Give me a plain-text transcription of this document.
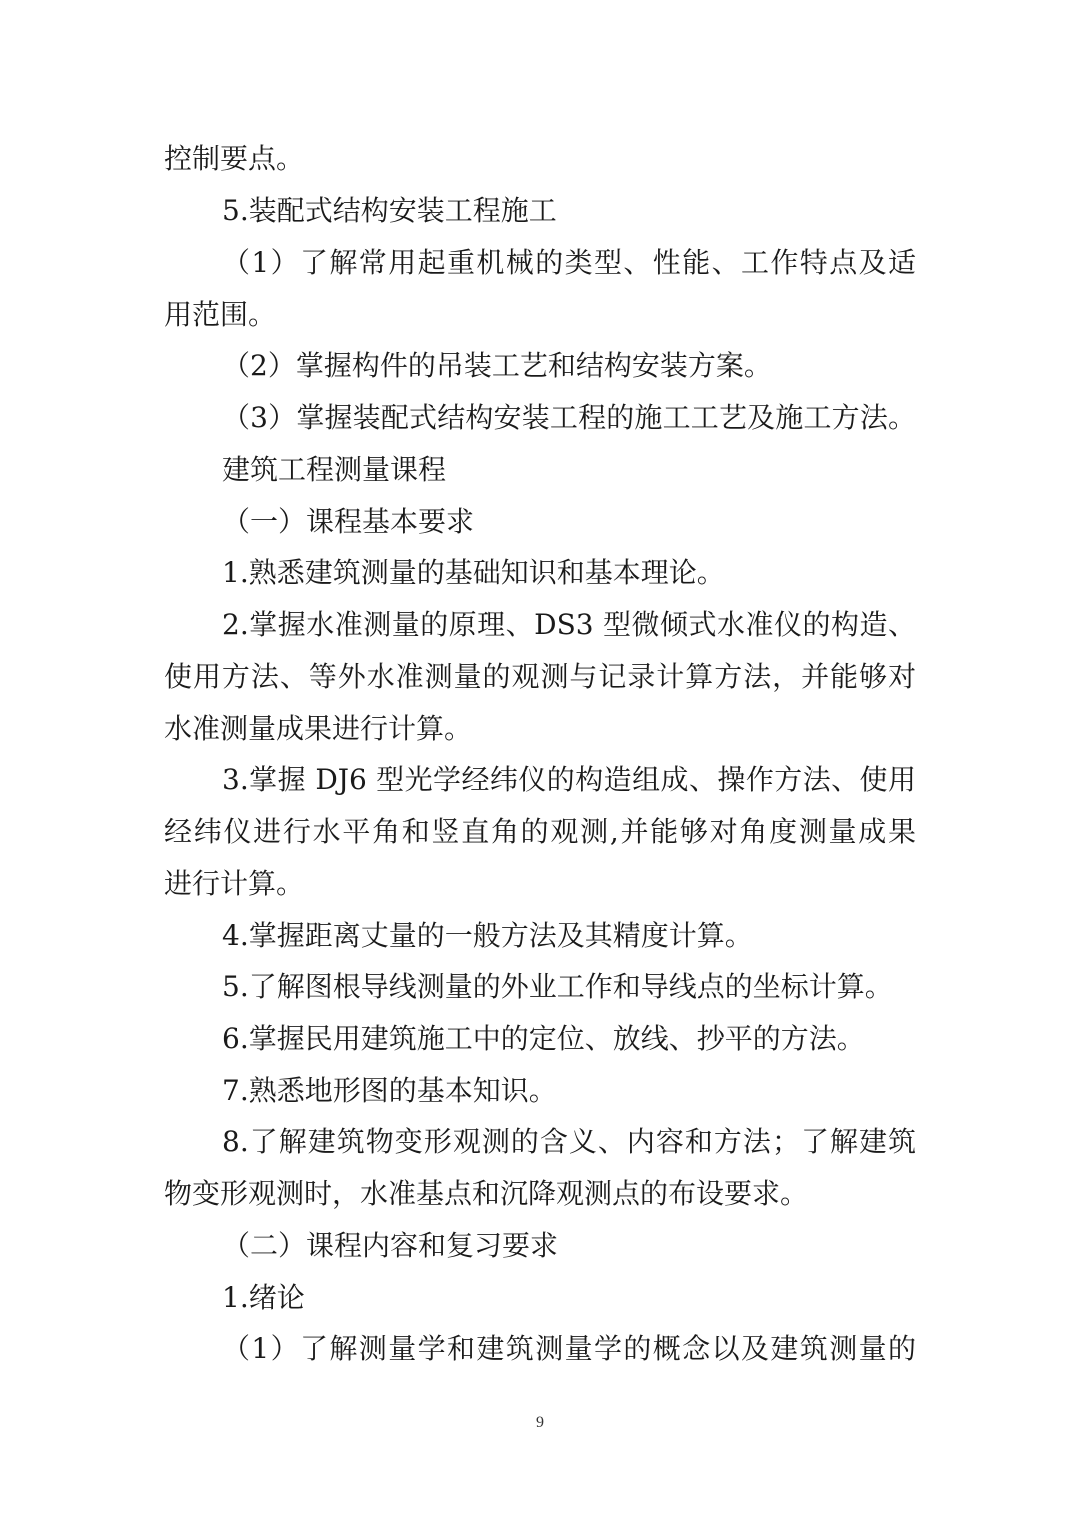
控制要点。
5.装配式结构安装工程施工
（1）了解常用起重机械的类型、性能、工作特点及适
用范围。
（2）掌握构件的吊装工艺和结构安装方案。
（3）掌握装配式结构安装工程的施工工艺及施工方法。
建筑工程测量课程
（一）课程基本要求
1.熟悉建筑测量的基础知识和基本理论。
2.掌握水准测量的原理、DS3 型微倾式水准仪的构造、
使用方法、等外水准测量的观测与记录计算方法，并能够对
水准测量成果进行计算。
3.掌握 DJ6 型光学经纬仪的构造组成、操作方法、使用
经纬仪进行水平角和竖直角的观测,并能够对角度测量成果
进行计算。
4.掌握距离丈量的一般方法及其精度计算。
5.了解图根导线测量的外业工作和导线点的坐标计算。
6.掌握民用建筑施工中的定位、放线、抄平的方法。
7.熟悉地形图的基本知识。
8.了解建筑物变形观测的含义、内容和方法；了解建筑
物变形观测时，水准基点和沉降观测点的布设要求。
（二）课程内容和复习要求
1.绪论
（1）了解测量学和建筑测量学的概念以及建筑测量的
9
